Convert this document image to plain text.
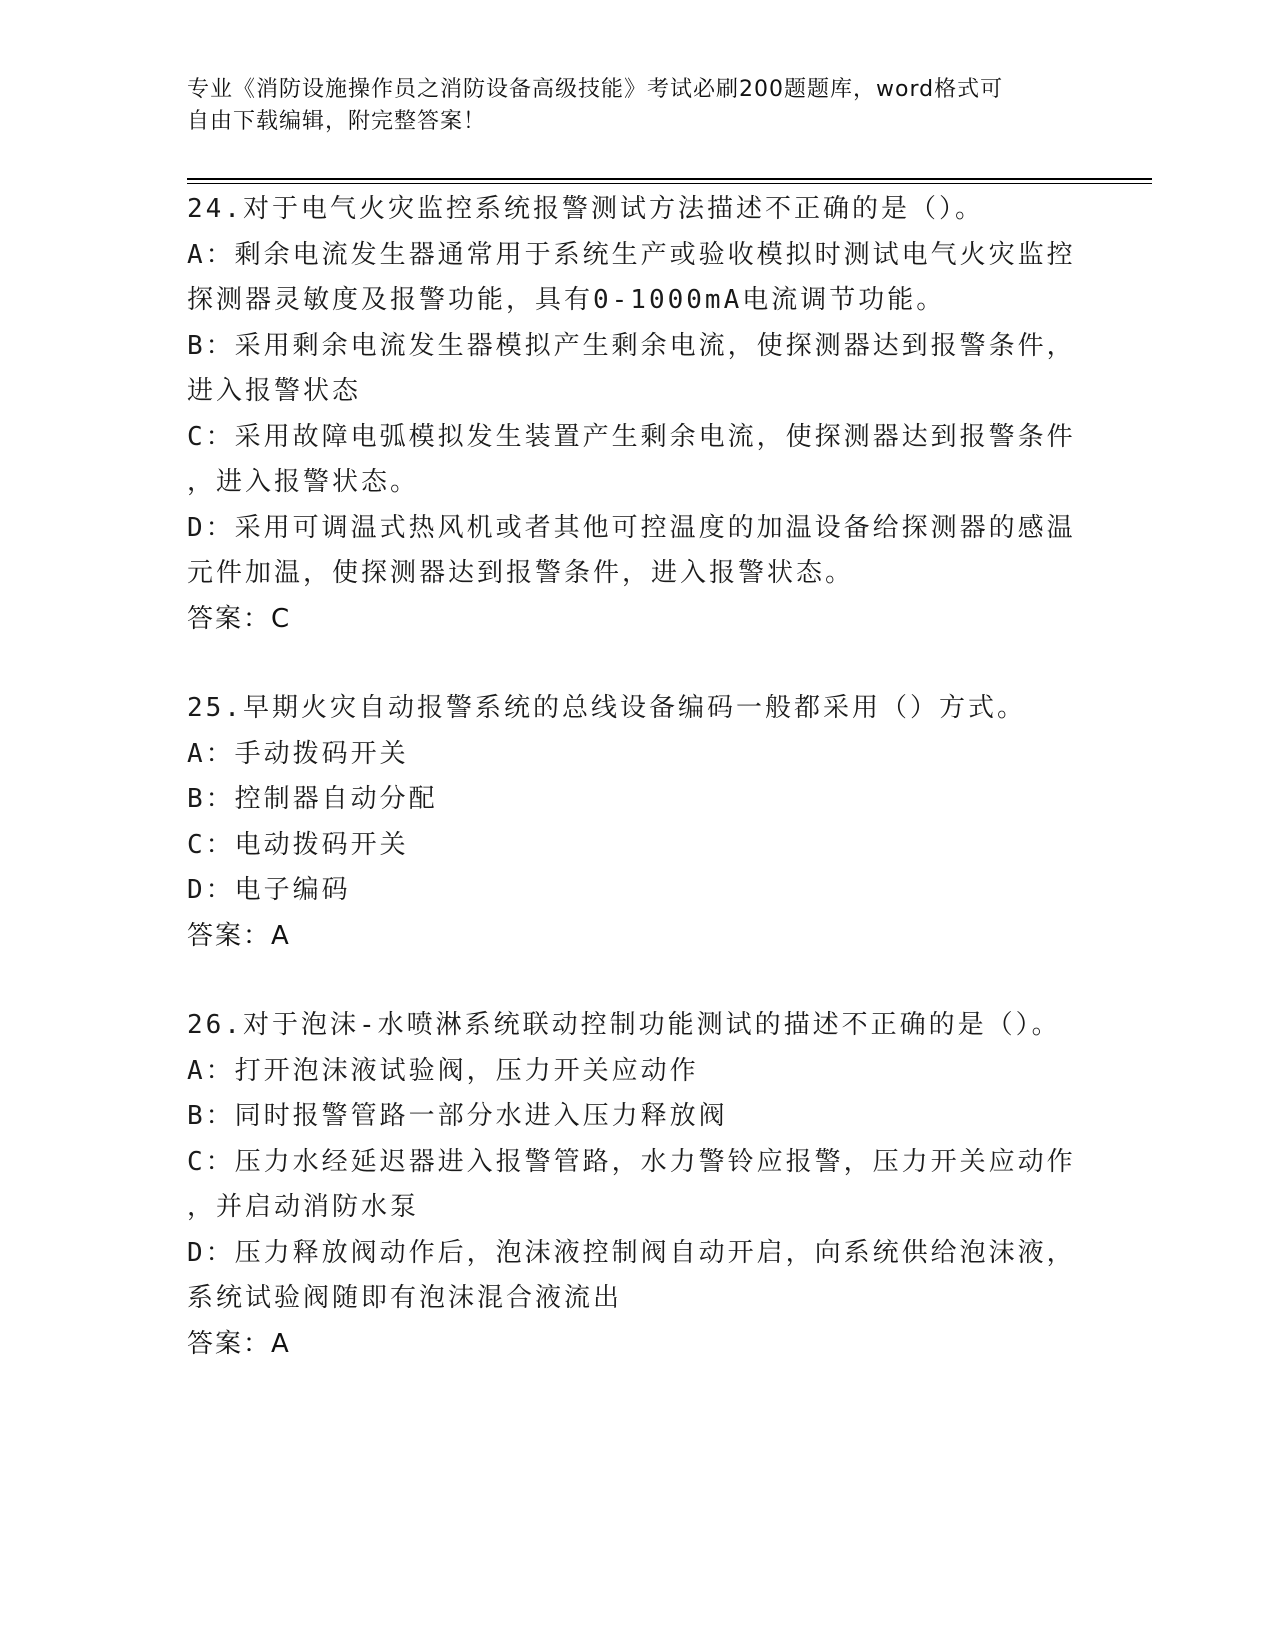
专业《消防设施操作员之消防设备高级技能》考试必刷200题题库，word格式可
自由下载编辑，附完整答案！
24.对于电气火灾监控系统报警测试方法描述不正确的是（）。
A：剩余电流发生器通常用于系统生产或验收模拟时测试电气火灾监控
探测器灵敏度及报警功能，具有0-1000mA电流调节功能。
B：采用剩余电流发生器模拟产生剩余电流，使探测器达到报警条件，
进入报警状态
C：采用故障电弧模拟发生装置产生剩余电流，使探测器达到报警条件
，进入报警状态。
D：采用可调温式热风机或者其他可控温度的加温设备给探测器的感温
元件加温，使探测器达到报警条件，进入报警状态。
答案：C
25.早期火灾自动报警系统的总线设备编码一般都采用（）方式。
A：手动拨码开关
B：控制器自动分配
C：电动拨码开关
D：电子编码
答案：A
26.对于泡沫-水喷淋系统联动控制功能测试的描述不正确的是（）。
A：打开泡沫液试验阀，压力开关应动作
B：同时报警管路一部分水进入压力释放阀
C：压力水经延迟器进入报警管路，水力警铃应报警，压力开关应动作
，并启动消防水泵
D：压力释放阀动作后，泡沫液控制阀自动开启，向系统供给泡沫液，
系统试验阀随即有泡沫混合液流出
答案：A
